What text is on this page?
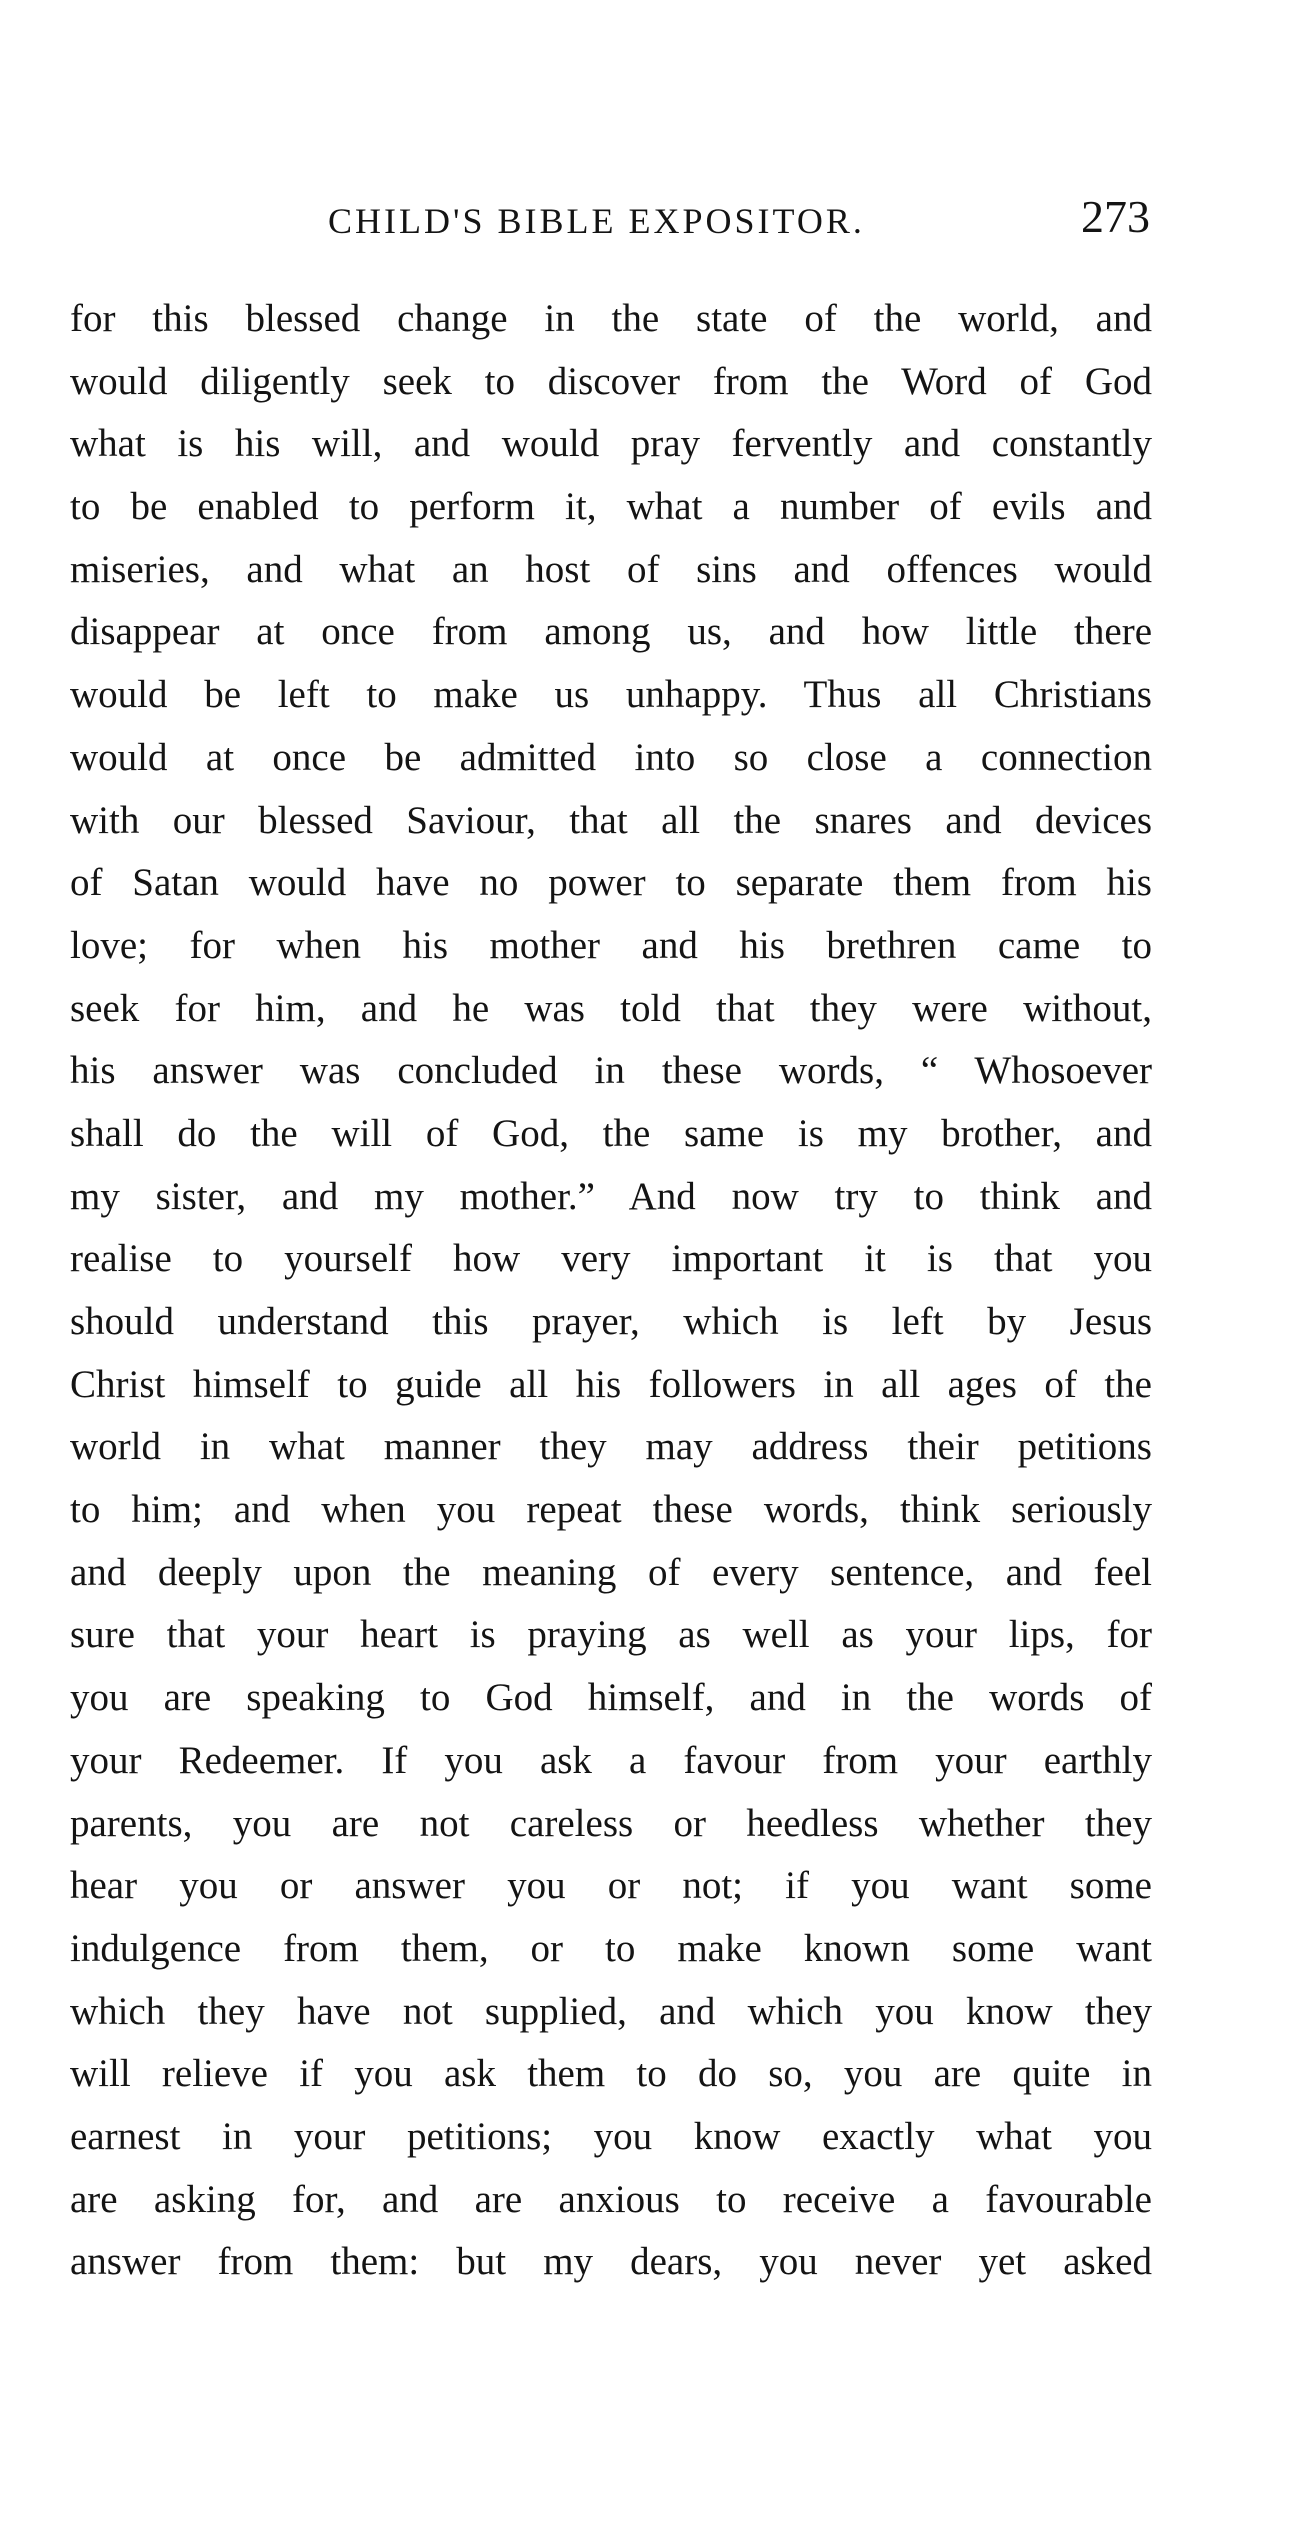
CHILD'S BIBLE EXPOSITOR.	273
for this blessed change in the state of the world, and
would diligently seek to discover from the Word of God
what is his will, and would pray fervently and constantly
to be enabled to perform it, what a number of evils and
miseries, and what an host of sins and offences would
disappear at once from among us, and how little there
would be left to make us unhappy. Thus all Christians
would at once be admitted into so close a connection
with our blessed Saviour, that all the snares and devices
of Satan would have no power to separate them from his
love; for when his mother and his brethren came to
seek for him, and he was told that they were without,
his answer was concluded in these words, “ Whosoever
shall do the will of God, the same is my brother, and
my sister, and my mother.” And now try to think and
realise to yourself how very important it is that you
should understand this prayer, which is left by Jesus
Christ himself to guide all his followers in all ages of the
world in what manner they may address their petitions
to him; and when you repeat these words, think seriously
and deeply upon the meaning of every sentence, and feel
sure that your heart is praying as well as your lips, for
you are speaking to God himself, and in the words of
your Redeemer. If you ask a favour from your earthly
parents, you are not careless or heedless whether they
hear you or answer you or not; if you want some
indulgence from them, or to make known some want
which they have not supplied, and which you know they
will relieve if you ask them to do so, you are quite in
earnest in your petitions; you know exactly what you
are asking for, and are anxious to receive a favourable
answer from them: but my dears, you never yet asked
